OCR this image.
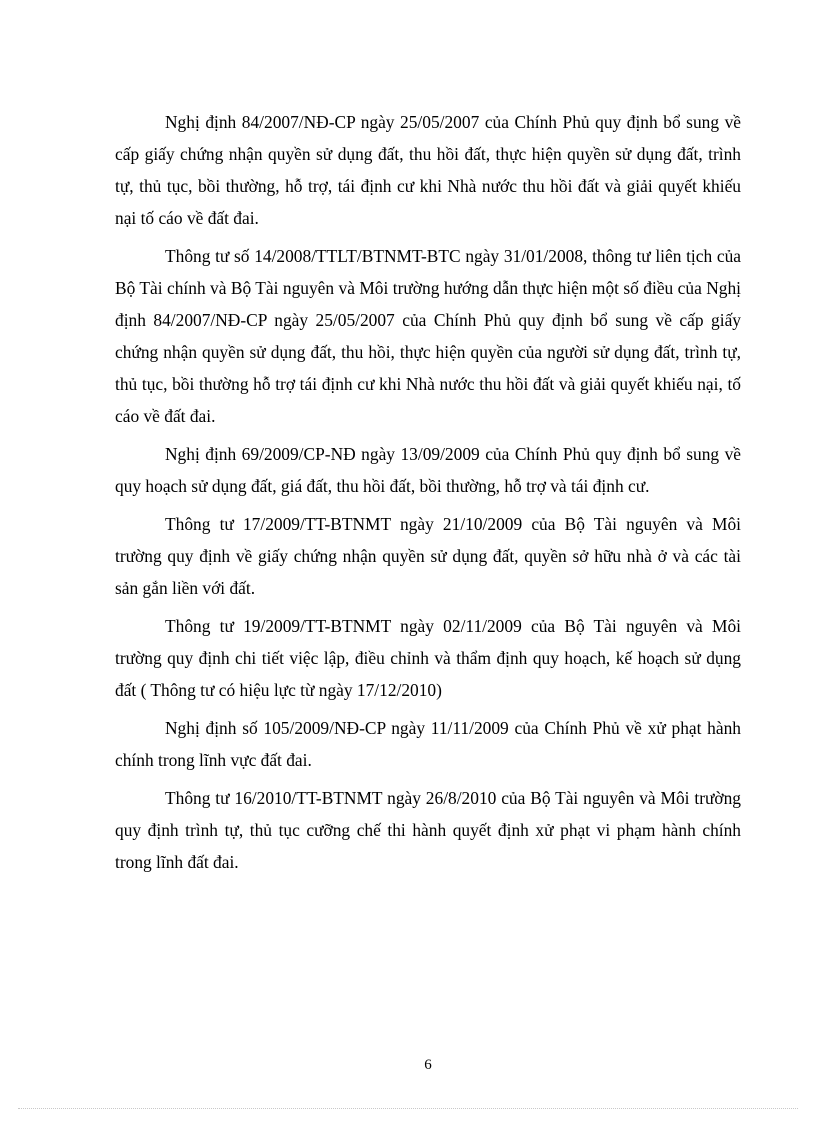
Nghị định 84/2007/NĐ-CP ngày 25/05/2007 của Chính Phủ quy định bổ sung về cấp giấy chứng nhận quyền sử dụng đất, thu hồi đất, thực hiện quyền sử dụng đất, trình tự, thủ tục, bồi thường, hỗ trợ, tái định cư khi Nhà nước thu hồi đất và giải quyết khiếu nại tố cáo về đất đai.

Thông tư số 14/2008/TTLT/BTNMT-BTC ngày 31/01/2008, thông tư liên tịch của Bộ Tài chính và Bộ Tài nguyên và Môi trường hướng dẫn thực hiện một số điều của Nghị định 84/2007/NĐ-CP ngày 25/05/2007 của Chính Phủ quy định bổ sung về cấp giấy chứng nhận quyền sử dụng đất, thu hồi, thực hiện quyền của người sử dụng đất, trình tự, thủ tục, bồi thường hỗ trợ tái định cư khi Nhà nước thu hồi đất và giải quyết khiếu nại, tố cáo về đất đai.

Nghị định 69/2009/CP-NĐ ngày 13/09/2009 của Chính Phủ quy định bổ sung về quy hoạch sử dụng đất, giá đất, thu hồi đất, bồi thường, hỗ trợ và tái định cư.

Thông tư 17/2009/TT-BTNMT ngày 21/10/2009 của Bộ Tài nguyên và Môi trường quy định về giấy chứng nhận quyền sử dụng đất, quyền sở hữu nhà ở và các tài sản gắn liền với đất.

Thông tư 19/2009/TT-BTNMT ngày 02/11/2009 của Bộ Tài nguyên và Môi trường quy định chi tiết việc lập, điều chỉnh và thẩm định quy hoạch, kế hoạch sử dụng đất ( Thông tư có hiệu lực từ ngày 17/12/2010)

Nghị định số 105/2009/NĐ-CP ngày 11/11/2009 của Chính Phủ về xử phạt hành chính trong lĩnh vực đất đai.

Thông tư 16/2010/TT-BTNMT ngày 26/8/2010 của Bộ Tài nguyên và Môi trường quy định trình tự, thủ tục cưỡng chế thi hành quyết định xử phạt vi phạm hành chính trong lĩnh đất đai.

6
